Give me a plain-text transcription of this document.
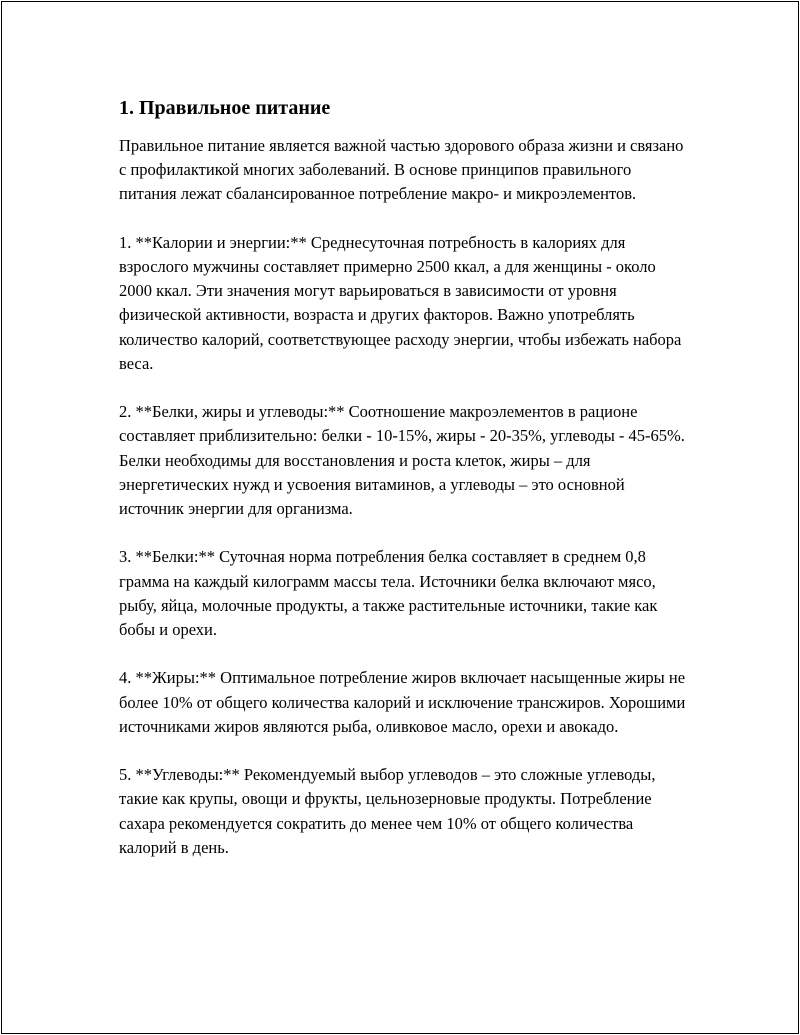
1. Правильное питание

Правильное питание является важной частью здорового образа жизни и связано с профилактикой многих заболеваний. В основе принципов правильного питания лежат сбалансированное потребление макро- и микроэлементов.

1. **Калории и энергии:** Среднесуточная потребность в калориях для взрослого мужчины составляет примерно 2500 ккал, а для женщины - около 2000 ккал. Эти значения могут варьироваться в зависимости от уровня физической активности, возраста и других факторов. Важно употреблять количество калорий, соответствующее расходу энергии, чтобы избежать набора веса.

2. **Белки, жиры и углеводы:** Соотношение макроэлементов в рационе составляет приблизительно: белки - 10-15%, жиры - 20-35%, углеводы - 45-65%. Белки необходимы для восстановления и роста клеток, жиры – для энергетических нужд и усвоения витаминов, а углеводы – это основной источник энергии для организма.

3. **Белки:** Суточная норма потребления белка составляет в среднем 0,8 грамма на каждый килограмм массы тела. Источники белка включают мясо, рыбу, яйца, молочные продукты, а также растительные источники, такие как бобы и орехи.

4. **Жиры:** Оптимальное потребление жиров включает насыщенные жиры не более 10% от общего количества калорий и исключение трансжиров. Хорошими источниками жиров являются рыба, оливковое масло, орехи и авокадо.

5. **Углеводы:** Рекомендуемый выбор углеводов – это сложные углеводы, такие как крупы, овощи и фрукты, цельнозерновые продукты. Потребление сахара рекомендуется сократить до менее чем 10% от общего количества калорий в день.
